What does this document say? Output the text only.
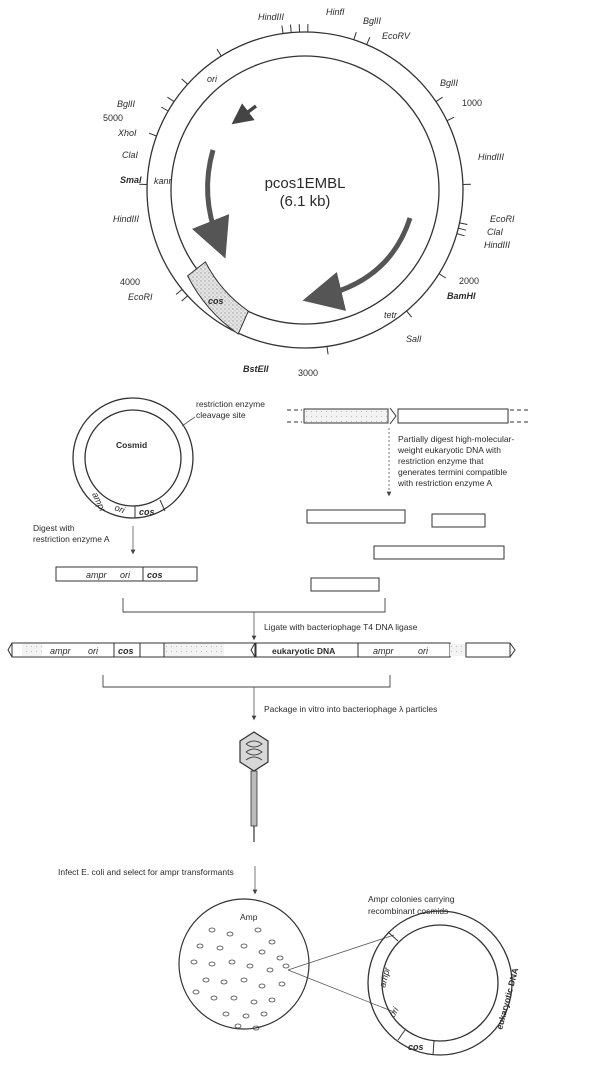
cos
pcos1EMBL
(6.1 kb)
HindIII	HinfI
BglII
EcoRV
BglII
1000
HindIII
EcoRI
ClaI
HindIII
2000
BamHI
tetr
SalI
3000
BstEII
4000
EcoRI
HindIII
SmaI kanr
ClaI
XhoI
5000
BglII
ori
Cosmid
ampr ori cos
restriction enzyme
cleavage site
Partially digest high-molecular-
weight eukaryotic DNA with
restriction enzyme that
generates termini compatible
with restriction enzyme A
Digest with
restriction enzyme A
ampr ori cos
Ligate with bacteriophage T4 DNA ligase
ampr ori cos	eukaryotic DNA	ampr	ori
Package in vitro into bacteriophage λ particles
Infect E. coli and select for ampr transformants
Amp
Ampr colonies carrying
recombinant cosmids
ampr
ori
cos
eukaryotic DNA
